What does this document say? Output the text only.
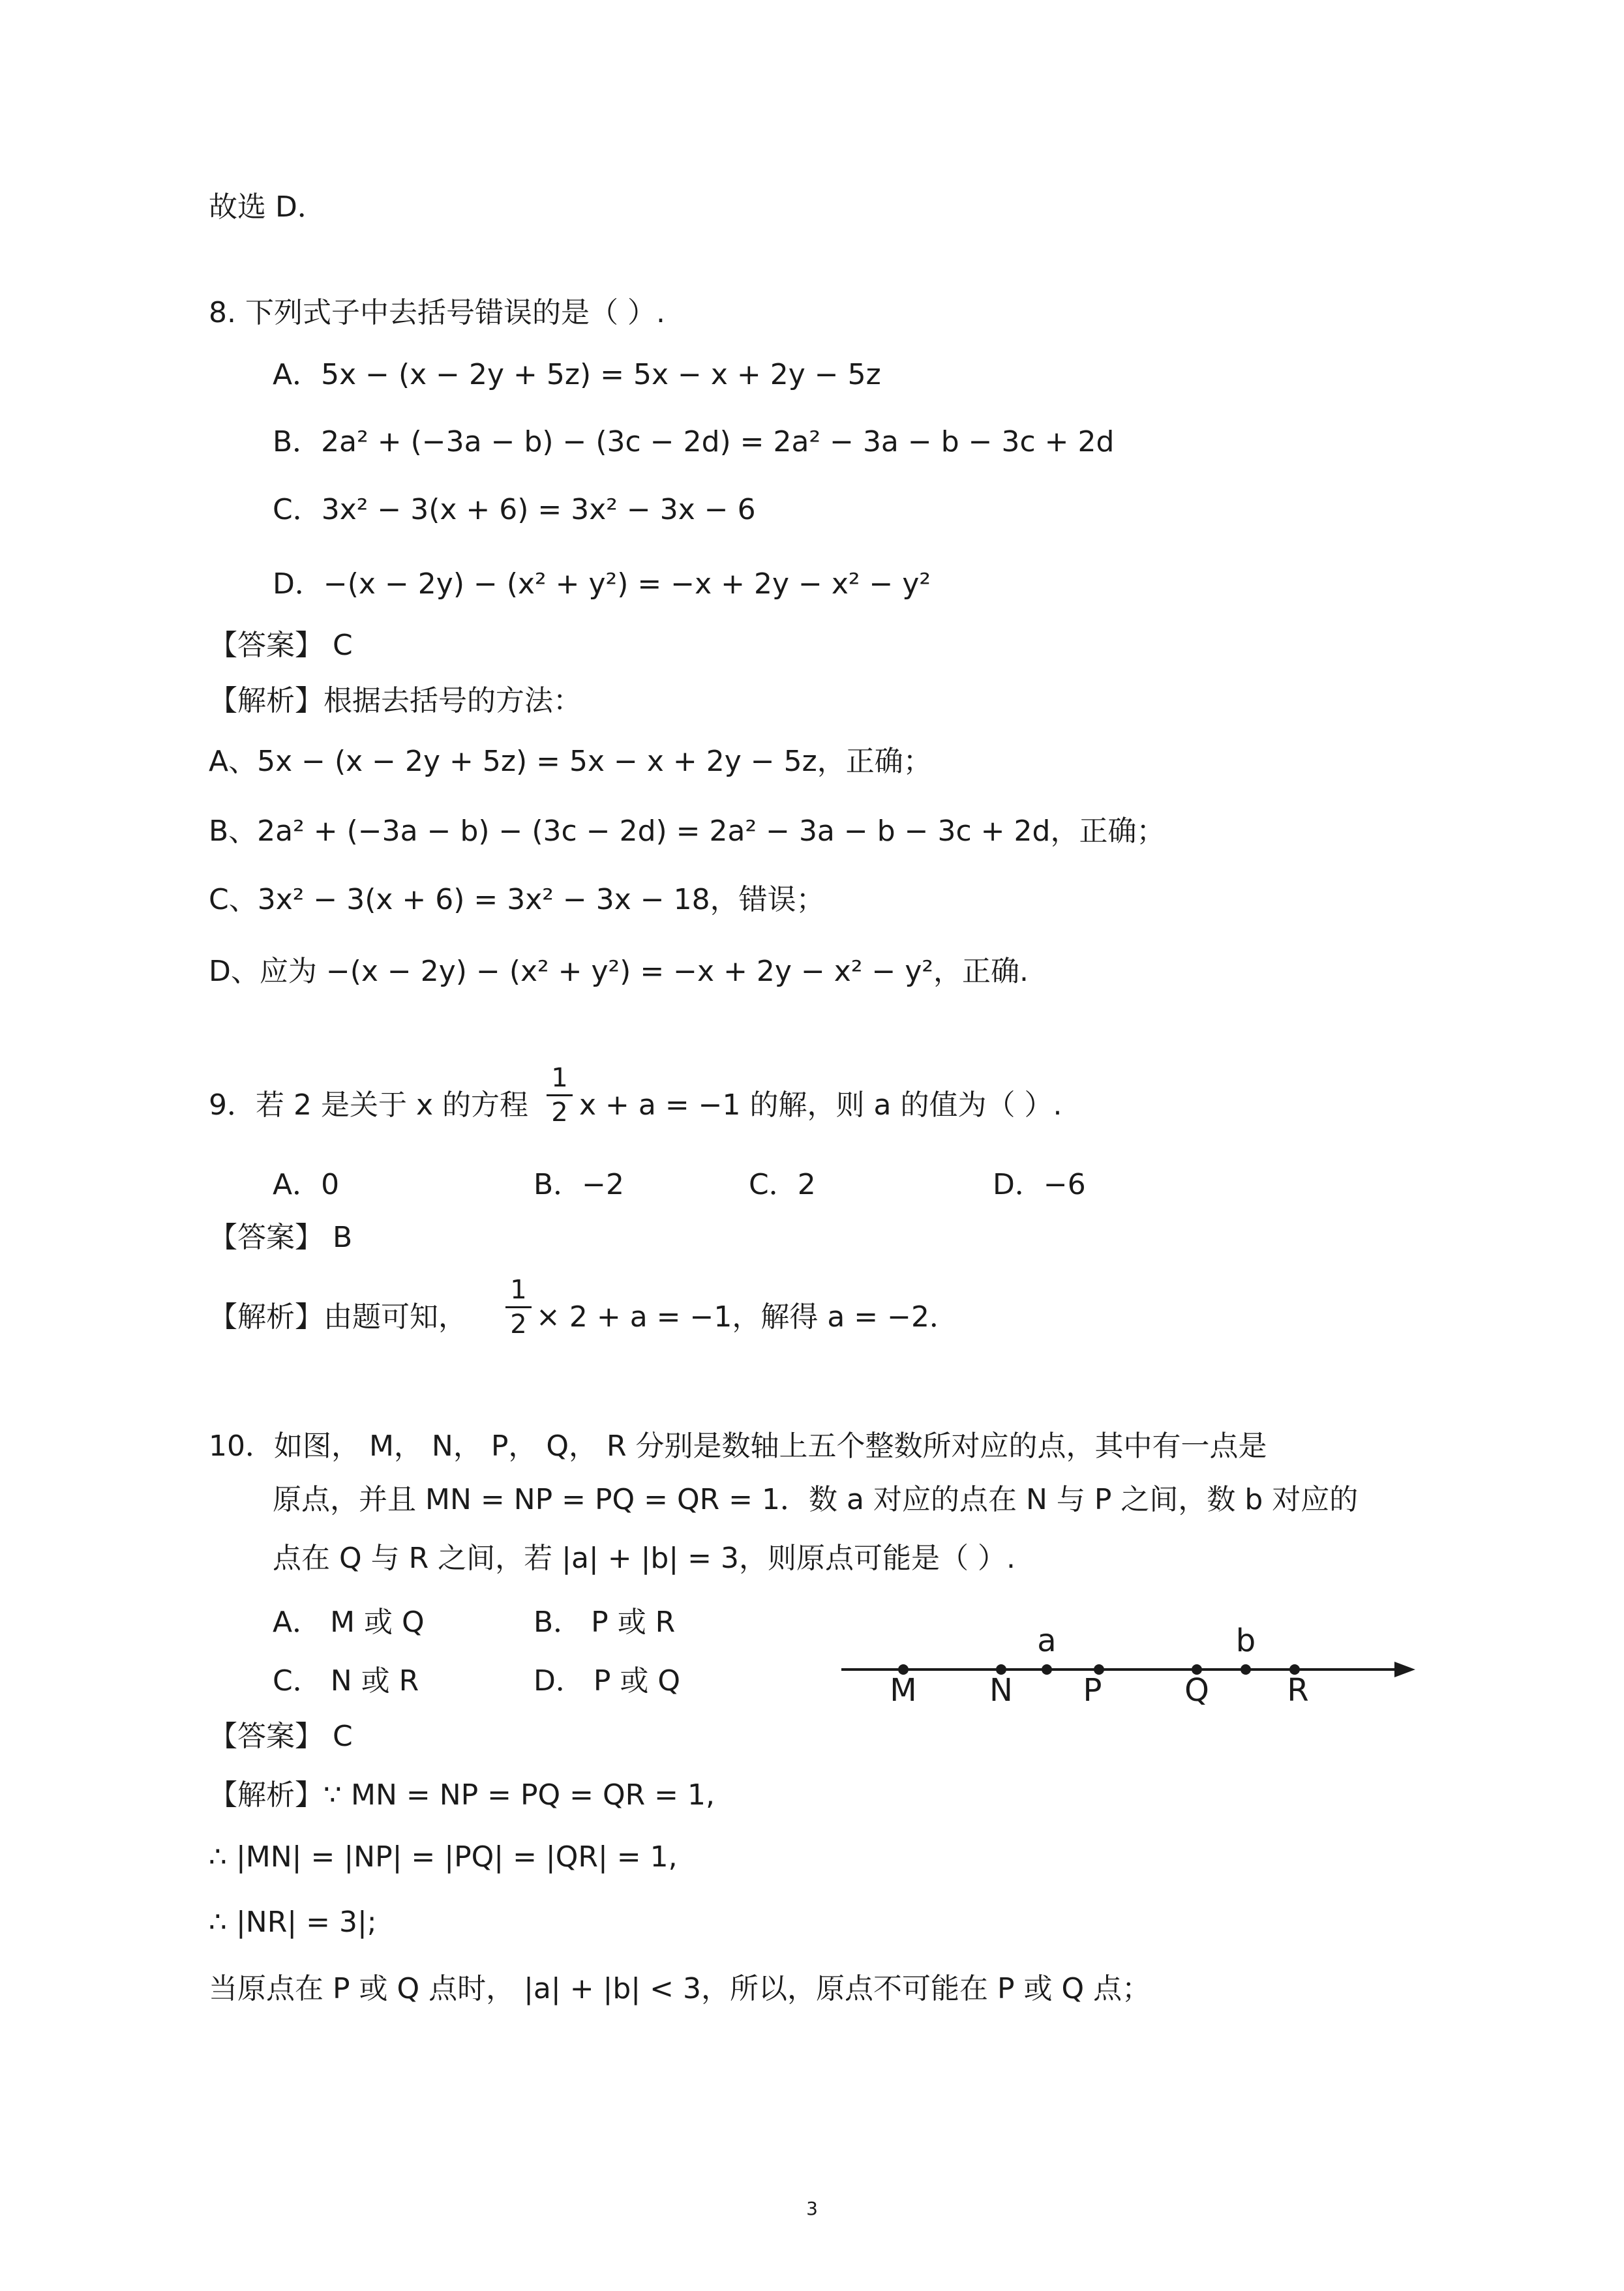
故选 D．
8. 下列式子中去括号错误的是（ ）.
A．5x − (x − 2y + 5z) = 5x − x + 2y − 5z
B．2a² + (−3a − b) − (3c − 2d) = 2a² − 3a − b − 3c + 2d
C．3x² − 3(x + 6) = 3x² − 3x − 6
D．−(x − 2y) − (x² + y²) = −x + 2y − x² − y²
【答案】 C
【解析】根据去括号的方法：
A、5x − (x − 2y + 5z) = 5x − x + 2y − 5z，正确；
B、2a² + (−3a − b) − (3c − 2d) = 2a² − 3a − b − 3c + 2d，正确；
C、3x² − 3(x + 6) = 3x² − 3x − 18，错误；
D、应为 −(x − 2y) − (x² + y²) = −x + 2y − x² − y²，正确.
9．若 2 是关于 x 的方程
1
2 x + a = −1 的解，则 a 的值为（ ）.
A．0	B．−2	C．2	D．−6
【答案】 B
【解析】由题可知，
1
2 × 2 + a = −1，解得 a = −2．
10．如图， M， N， P， Q， R 分别是数轴上五个整数所对应的点，其中有一点是
原点，并且 MN = NP = PQ = QR = 1．数 a 对应的点在 N 与 P 之间，数 b 对应的
点在 Q 与 R 之间，若 |a| + |b| = 3，则原点可能是（ ）.
A． M 或 Q	B． P 或 R
C． N 或 R	D． P 或 Q
a	b
M N P	Q R
【答案】 C
【解析】∵ MN = NP = PQ = QR = 1,
∴ |MN| = |NP| = |PQ| = |QR| = 1,
∴ |NR| = 3|;
当原点在 P 或 Q 点时， |a| + |b| < 3，所以，原点不可能在 P 或 Q 点；
3
